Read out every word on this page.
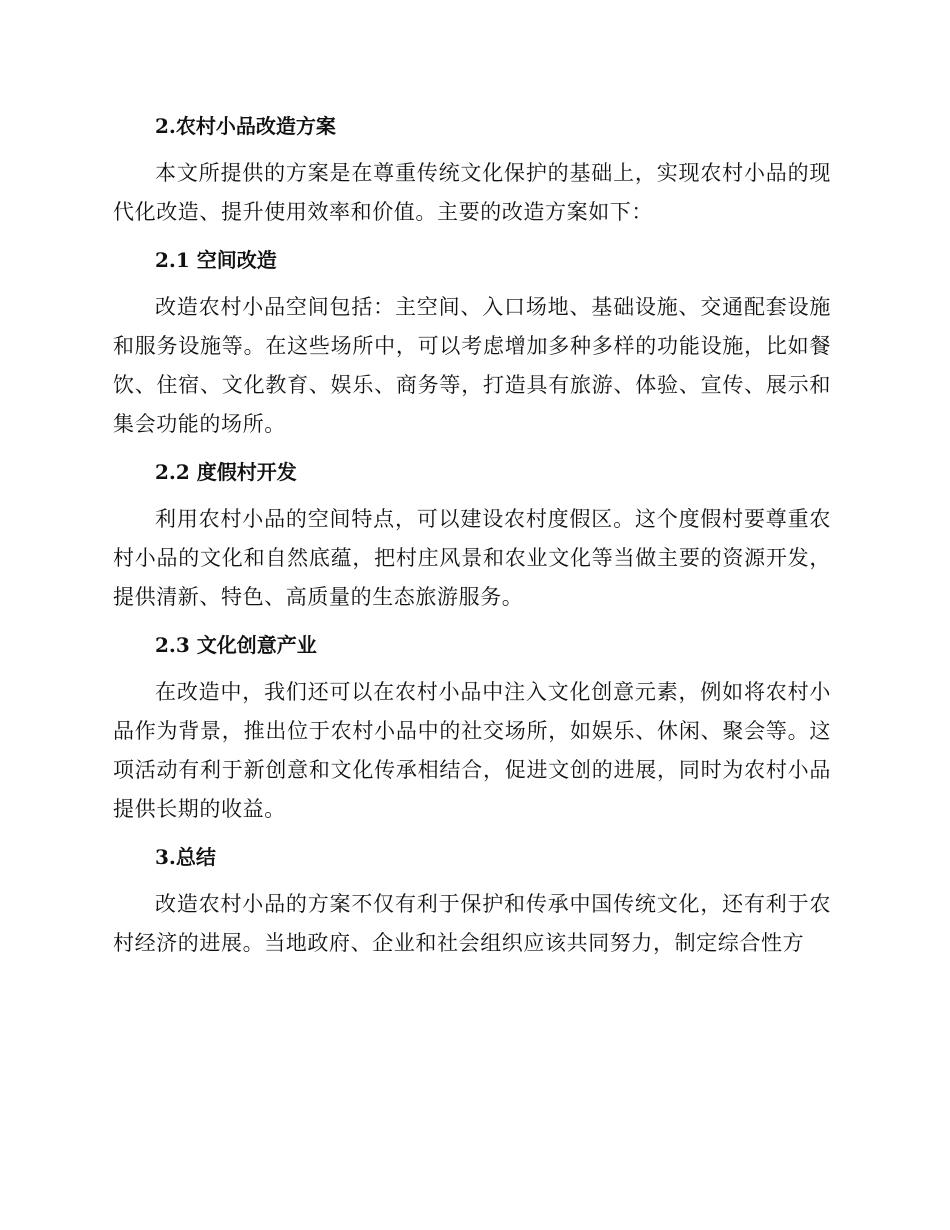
2.农村小品改造方案

本文所提供的方案是在尊重传统文化保护的基础上，实现农村小品的现代化改造、提升使用效率和价值。主要的改造方案如下：

2.1 空间改造

改造农村小品空间包括：主空间、入口场地、基础设施、交通配套设施和服务设施等。在这些场所中，可以考虑增加多种多样的功能设施，比如餐饮、住宿、文化教育、娱乐、商务等，打造具有旅游、体验、宣传、展示和集会功能的场所。

2.2 度假村开发

利用农村小品的空间特点，可以建设农村度假区。这个度假村要尊重农村小品的文化和自然底蕴，把村庄风景和农业文化等当做主要的资源开发，提供清新、特色、高质量的生态旅游服务。

2.3 文化创意产业

在改造中，我们还可以在农村小品中注入文化创意元素，例如将农村小品作为背景，推出位于农村小品中的社交场所，如娱乐、休闲、聚会等。这项活动有利于新创意和文化传承相结合，促进文创的进展，同时为农村小品提供长期的收益。

3.总结

改造农村小品的方案不仅有利于保护和传承中国传统文化，还有利于农村经济的进展。当地政府、企业和社会组织应该共同努力，制定综合性方
